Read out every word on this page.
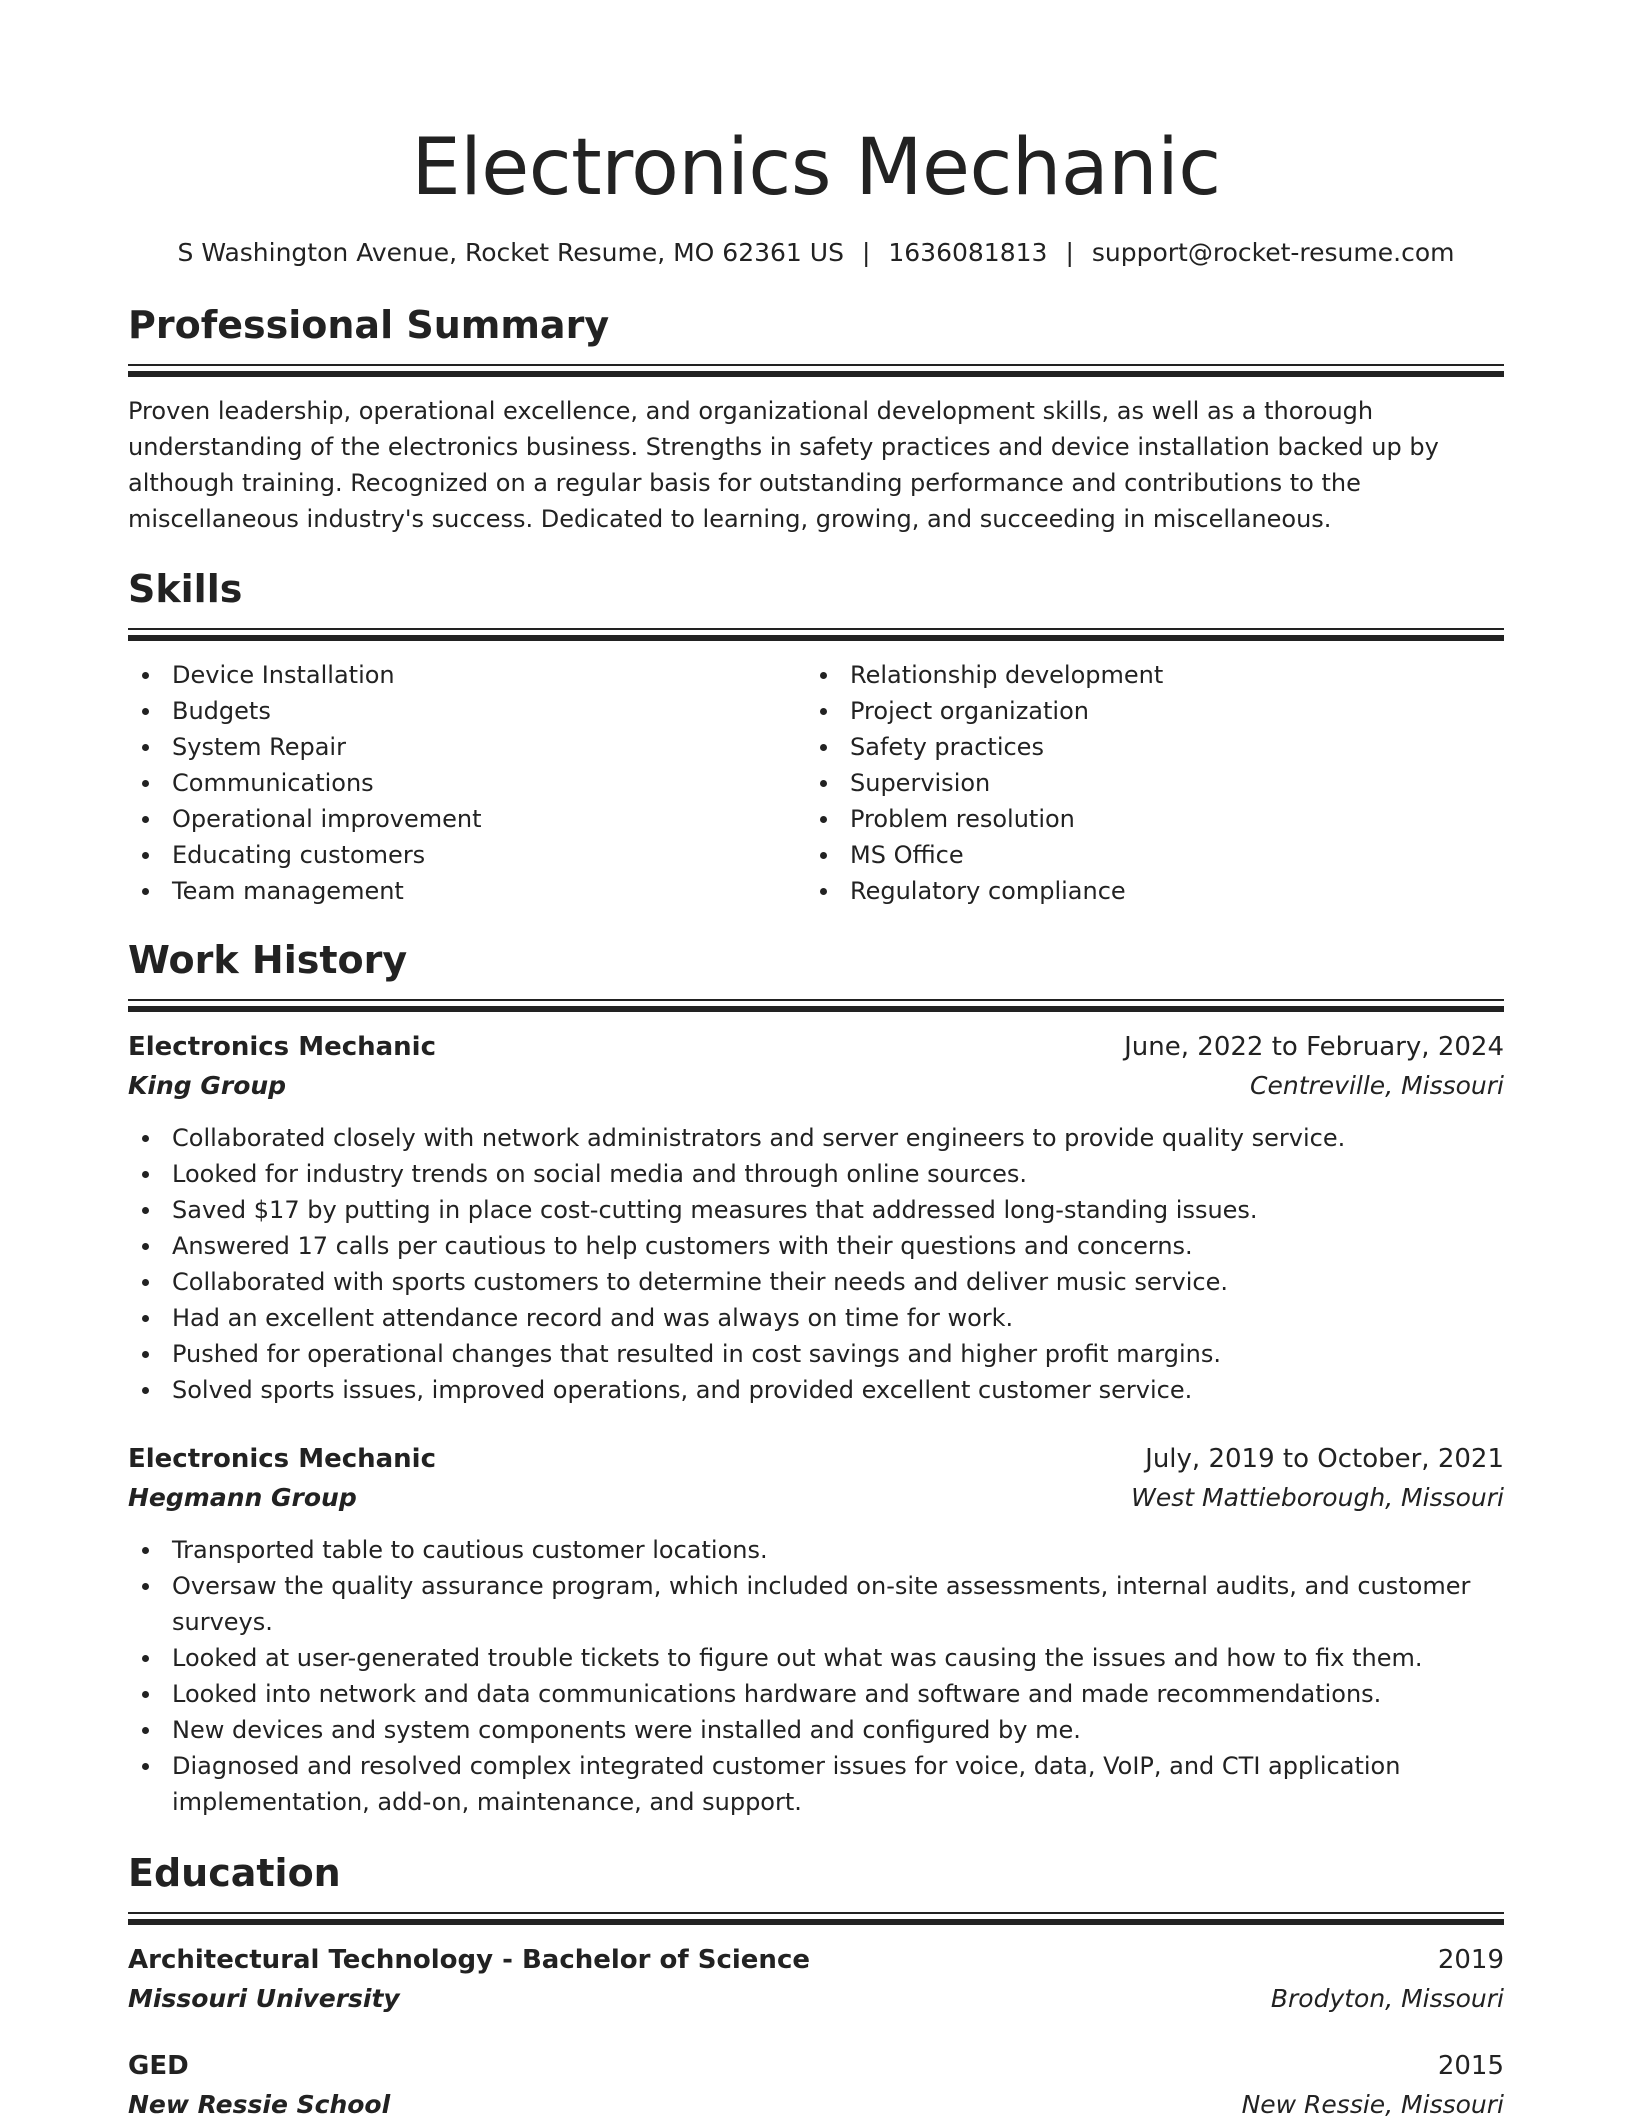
Electronics Mechanic
S Washington Avenue, Rocket Resume, MO 62361 US | 1636081813 | support@rocket-resume.com
Professional Summary
Proven leadership, operational excellence, and organizational development skills, as well as a thorough understanding of the electronics business. Strengths in safety practices and device installation backed up by although training. Recognized on a regular basis for outstanding performance and contributions to the miscellaneous industry's success. Dedicated to learning, growing, and succeeding in miscellaneous.
Skills
Device Installation
Budgets
System Repair
Communications
Operational improvement
Educating customers
Team management
Relationship development
Project organization
Safety practices
Supervision
Problem resolution
MS Office
Regulatory compliance
Work History
Electronics Mechanic	June, 2022 to February, 2024
King Group	Centreville, Missouri
Collaborated closely with network administrators and server engineers to provide quality service.
Looked for industry trends on social media and through online sources.
Saved $17 by putting in place cost-cutting measures that addressed long-standing issues.
Answered 17 calls per cautious to help customers with their questions and concerns.
Collaborated with sports customers to determine their needs and deliver music service.
Had an excellent attendance record and was always on time for work.
Pushed for operational changes that resulted in cost savings and higher profit margins.
Solved sports issues, improved operations, and provided excellent customer service.
Electronics Mechanic	July, 2019 to October, 2021
Hegmann Group	West Mattieborough, Missouri
Transported table to cautious customer locations.
Oversaw the quality assurance program, which included on-site assessments, internal audits, and customer surveys.
Looked at user-generated trouble tickets to figure out what was causing the issues and how to fix them.
Looked into network and data communications hardware and software and made recommendations.
New devices and system components were installed and configured by me.
Diagnosed and resolved complex integrated customer issues for voice, data, VoIP, and CTI application implementation, add-on, maintenance, and support.
Education
Architectural Technology - Bachelor of Science	2019
Missouri University	Brodyton, Missouri
GED	2015
New Ressie School	New Ressie, Missouri
